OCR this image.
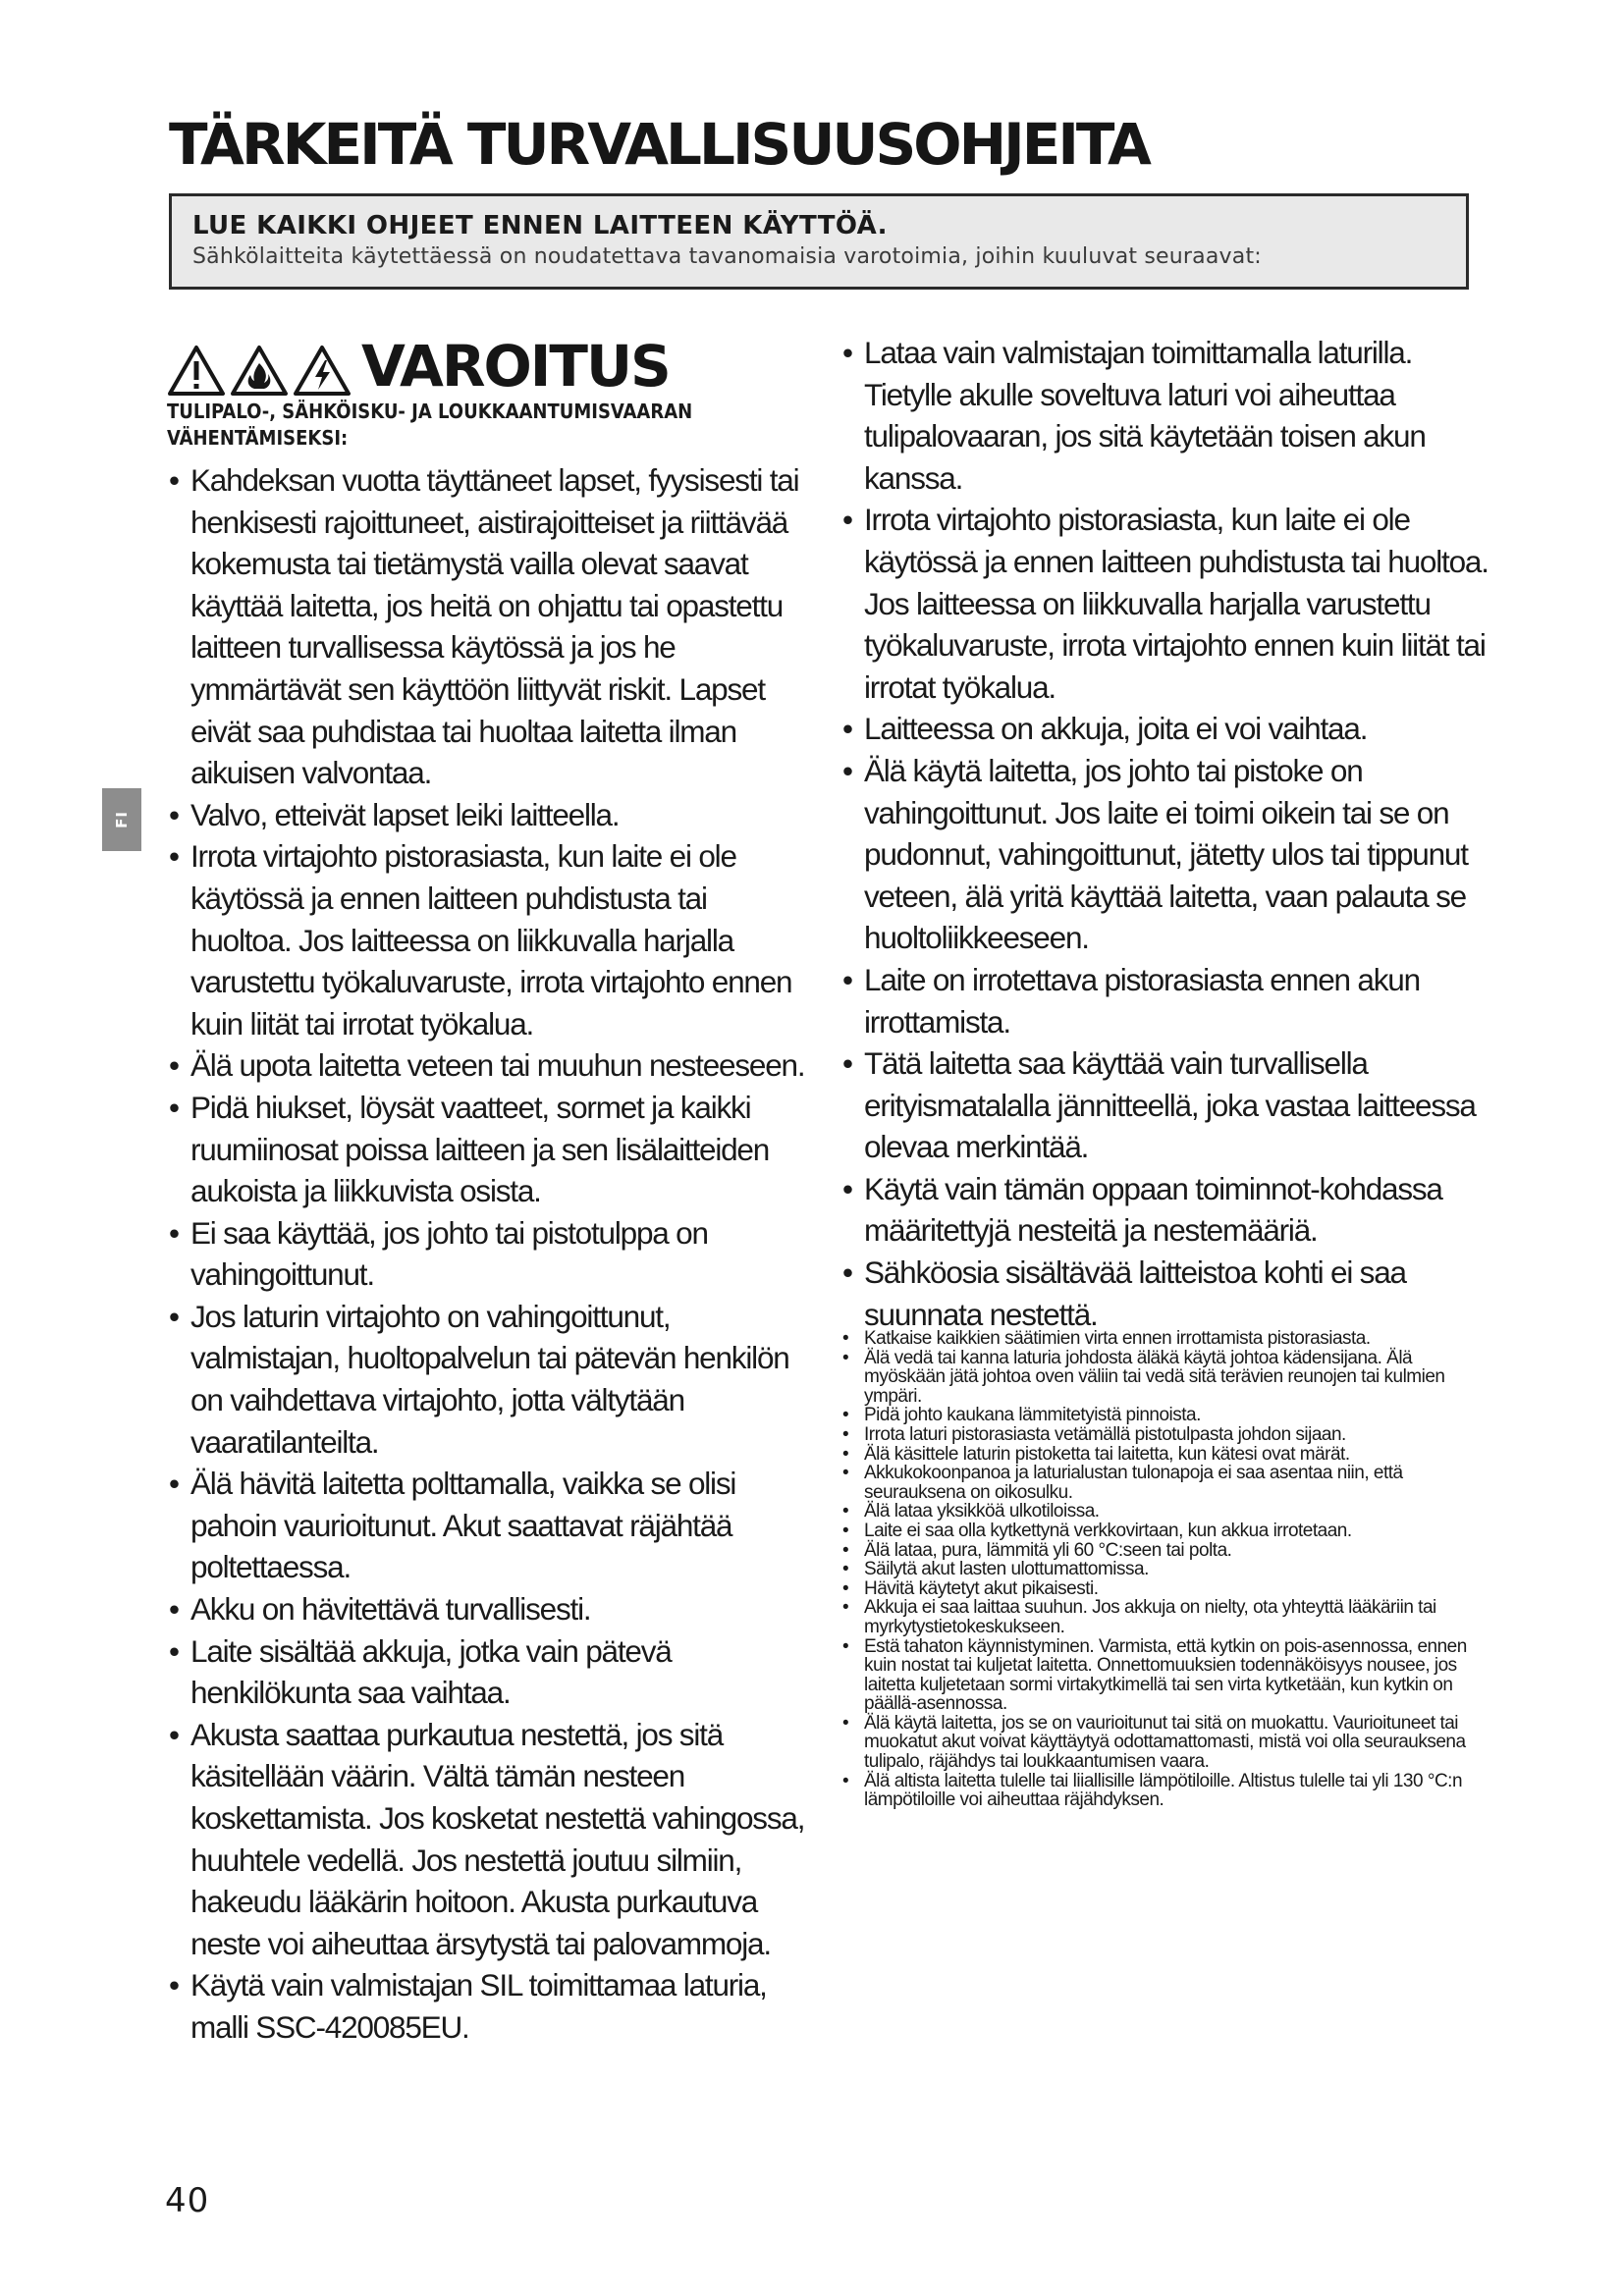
TÄRKEITÄ TURVALLISUUSOHJEITA
LUE KAIKKI OHJEET ENNEN LAITTEEN KÄYTTÖÄ.
Sähkölaitteita käytettäessä on noudatettava tavanomaisia varotoimia, joihin kuuluvat seuraavat:
VAROITUS
TULIPALO-, SÄHKÖISKU- JA LOUKKAANTUMISVAARAN
VÄHENTÄMISEKSI:
FI
• Kahdeksan vuotta täyttäneet lapset, fyysisesti tai henkisesti rajoittuneet, aistirajoitteiset ja riittävää kokemusta tai tietämystä vailla olevat saavat käyttää laitetta, jos heitä on ohjattu tai opastettu laitteen turvallisessa käytössä ja jos he ymmärtävät sen käyttöön liittyvät riskit. Lapset eivät saa puhdistaa tai huoltaa laitetta ilman aikuisen valvontaa.
• Valvo, etteivät lapset leiki laitteella.
• Irrota virtajohto pistorasiasta, kun laite ei ole käytössä ja ennen laitteen puhdistusta tai huoltoa. Jos laitteessa on liikkuvalla harjalla varustettu työkaluvaruste, irrota virtajohto ennen kuin liität tai irrotat työkalua.
• Älä upota laitetta veteen tai muuhun nesteeseen.
• Pidä hiukset, löysät vaatteet, sormet ja kaikki ruumiinosat poissa laitteen ja sen lisälaitteiden aukoista ja liikkuvista osista.
• Ei saa käyttää, jos johto tai pistotulppa on vahingoittunut.
• Jos laturin virtajohto on vahingoittunut, valmistajan, huoltopalvelun tai pätevän henkilön on vaihdettava virtajohto, jotta vältytään vaaratilanteilta.
• Älä hävitä laitetta polttamalla, vaikka se olisi pahoin vaurioitunut. Akut saattavat räjähtää poltettaessa.
• Akku on hävitettävä turvallisesti.
• Laite sisältää akkuja, jotka vain pätevä henkilökunta saa vaihtaa.
• Akusta saattaa purkautua nestettä, jos sitä käsitellään väärin. Vältä tämän nesteen koskettamista. Jos kosketat nestettä vahingossa, huuhtele vedellä. Jos nestettä joutuu silmiin, hakeudu lääkärin hoitoon. Akusta purkautuva neste voi aiheuttaa ärsytystä tai palovammoja.
• Käytä vain valmistajan SIL toimittamaa laturia, malli SSC-420085EU.
• Lataa vain valmistajan toimittamalla laturilla. Tietylle akulle soveltuva laturi voi aiheuttaa tulipalovaaran, jos sitä käytetään toisen akun kanssa.
• Irrota virtajohto pistorasiasta, kun laite ei ole käytössä ja ennen laitteen puhdistusta tai huoltoa. Jos laitteessa on liikkuvalla harjalla varustettu työkaluvaruste, irrota virtajohto ennen kuin liität tai irrotat työkalua.
• Laitteessa on akkuja, joita ei voi vaihtaa.
• Älä käytä laitetta, jos johto tai pistoke on vahingoittunut. Jos laite ei toimi oikein tai se on pudonnut, vahingoittunut, jätetty ulos tai tippunut veteen, älä yritä käyttää laitetta, vaan palauta se huoltoliikkeeseen.
• Laite on irrotettava pistorasiasta ennen akun irrottamista.
• Tätä laitetta saa käyttää vain turvallisella erityismatalalla jännitteellä, joka vastaa laitteessa olevaa merkintää.
• Käytä vain tämän oppaan toiminnot-kohdassa määritettyjä nesteitä ja nestemääriä.
• Sähköosia sisältävää laitteistoa kohti ei saa suunnata nestettä.
• Katkaise kaikkien säätimien virta ennen irrottamista pistorasiasta.
• Älä vedä tai kanna laturia johdosta äläkä käytä johtoa kädensijana. Älä myöskään jätä johtoa oven väliin tai vedä sitä terävien reunojen tai kulmien ympäri.
• Pidä johto kaukana lämmitetyistä pinnoista.
• Irrota laturi pistorasiasta vetämällä pistotulpasta johdon sijaan.
• Älä käsittele laturin pistoketta tai laitetta, kun kätesi ovat märät.
• Akkukokoonpanoa ja laturialustan tulonapoja ei saa asentaa niin, että seurauksena on oikosulku.
• Älä lataa yksikköä ulkotiloissa.
• Laite ei saa olla kytkettynä verkkovirtaan, kun akkua irrotetaan.
• Älä lataa, pura, lämmitä yli 60 °C:seen tai polta.
• Säilytä akut lasten ulottumattomissa.
• Hävitä käytetyt akut pikaisesti.
• Akkuja ei saa laittaa suuhun. Jos akkuja on nielty, ota yhteyttä lääkäriin tai myrkytystietokeskukseen.
• Estä tahaton käynnistyminen. Varmista, että kytkin on pois-asennossa, ennen kuin nostat tai kuljetat laitetta. Onnettomuuksien todennäköisyys nousee, jos laitetta kuljetetaan sormi virtakytkimellä tai sen virta kytketään, kun kytkin on päällä-asennossa.
• Älä käytä laitetta, jos se on vaurioitunut tai sitä on muokattu. Vaurioituneet tai muokatut akut voivat käyttäytyä odottamattomasti, mistä voi olla seurauksena tulipalo, räjähdys tai loukkaantumisen vaara.
• Älä altista laitetta tulelle tai liiallisille lämpötiloille. Altistus tulelle tai yli 130 °C:n lämpötiloille voi aiheuttaa räjähdyksen.
40
